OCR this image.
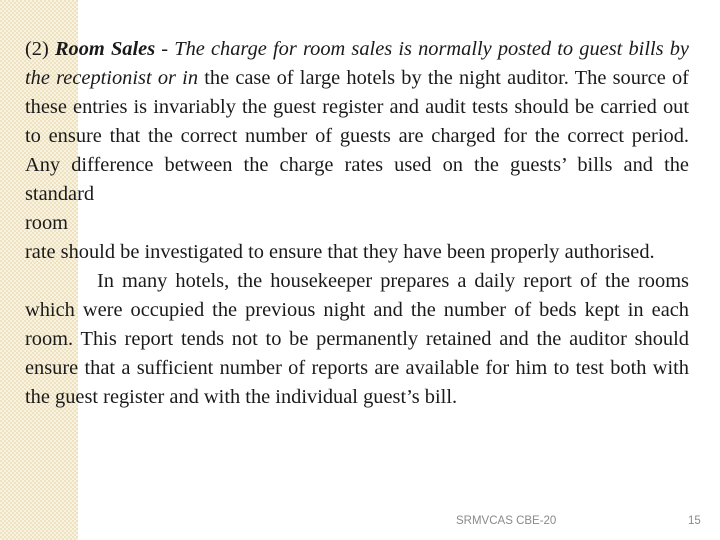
(2) Room Sales - The charge for room sales is normally posted to guest bills by the receptionist or in the case of large hotels by the night auditor. The source of these entries is invariably the guest register and audit tests should be carried out to ensure that the correct number of guests are charged for the correct period. Any difference between the charge rates used on the guests’ bills and the standard

room

rate should be investigated to ensure that they have been properly authorised.

In many hotels, the housekeeper prepares a daily report of the rooms which were occupied the previous night and the number of beds kept in each room. This report tends not to be permanently retained and the auditor should ensure that a sufficient number of reports are available for him to test both with the guest register and with the individual guest’s bill.

SRMVCAS CBE-20	15
